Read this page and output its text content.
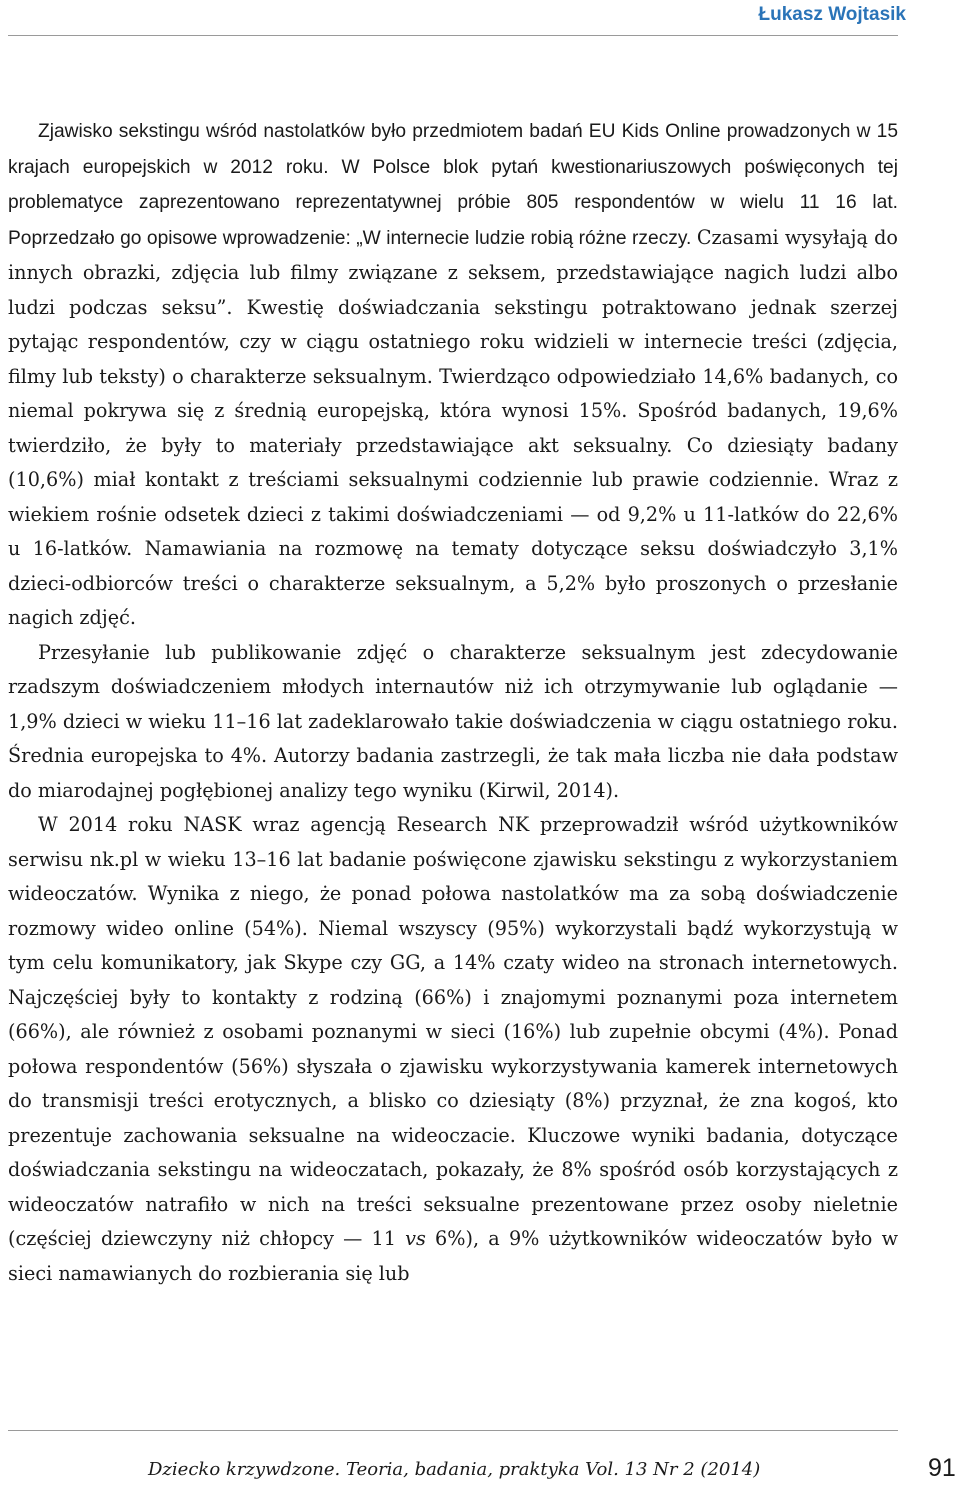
Łukasz Wojtasik

Zjawisko sekstingu wśród nastolatków było przedmiotem badań EU Kids Online prowadzonych w 15 krajach europejskich w 2012 roku. W Polsce blok pytań kwestionariuszowych poświęconych tej problematyce zaprezentowano reprezentatywnej próbie 805 respondentów w wielu 11 16 lat. Poprzedzało go opisowe wprowadzenie: „W internecie ludzie robią różne rzeczy. Czasami wysyłają do innych obrazki, zdjęcia lub filmy związane z seksem, przedstawiające nagich ludzi albo ludzi podczas seksu”. Kwestię doświadczania sekstingu potraktowano jednak szerzej pytając respondentów, czy w ciągu ostatniego roku widzieli w internecie treści (zdjęcia, filmy lub teksty) o charakterze seksualnym. Twierdząco odpowiedziało 14,6% badanych, co niemal pokrywa się z średnią europejską, która wynosi 15%. Spośród badanych, 19,6% twierdziło, że były to materiały przedstawiające akt seksualny. Co dziesiąty badany (10,6%) miał kontakt z treściami seksualnymi codziennie lub prawie codziennie. Wraz z wiekiem rośnie odsetek dzieci z takimi doświadczeniami — od 9,2% u 11-latków do 22,6% u 16-latków. Namawiania na rozmowę na tematy dotyczące seksu doświadczyło 3,1% dzieci-odbiorców treści o charakterze seksualnym, a 5,2% było proszonych o przesłanie nagich zdjęć.

Przesyłanie lub publikowanie zdjęć o charakterze seksualnym jest zdecydowanie rzadszym doświadczeniem młodych internautów niż ich otrzymywanie lub oglądanie — 1,9% dzieci w wieku 11–16 lat zadeklarowało takie doświadczenia w ciągu ostatniego roku. Średnia europejska to 4%. Autorzy badania zastrzegli, że tak mała liczba nie dała podstaw do miarodajnej pogłębionej analizy tego wyniku (Kirwil, 2014).

W 2014 roku NASK wraz agencją Research NK przeprowadził wśród użytkowników serwisu nk.pl w wieku 13–16 lat badanie poświęcone zjawisku sekstingu z wykorzystaniem wideoczatów. Wynika z niego, że ponad połowa nastolatków ma za sobą doświadczenie rozmowy wideo online (54%). Niemal wszyscy (95%) wykorzystali bądź wykorzystują w tym celu komunikatory, jak Skype czy GG, a 14% czaty wideo na stronach internetowych. Najczęściej były to kontakty z rodziną (66%) i znajomymi poznanymi poza internetem (66%), ale również z osobami poznanymi w sieci (16%) lub zupełnie obcymi (4%). Ponad połowa respondentów (56%) słyszała o zjawisku wykorzystywania kamerek internetowych do transmisji treści erotycznych, a blisko co dziesiąty (8%) przyznał, że zna kogoś, kto prezentuje zachowania seksualne na wideoczacie. Kluczowe wyniki badania, dotyczące doświadczania sekstingu na wideoczatach, pokazały, że 8% spośród osób korzystających z wideoczatów natrafiło w nich na treści seksualne prezentowane przez osoby nieletnie (częściej dziewczyny niż chłopcy — 11 vs 6%), a 9% użytkowników wideoczatów było w sieci namawianych do rozbierania się lub

Dziecko krzywdzone. Teoria, badania, praktyka Vol. 13 Nr 2 (2014)	91
